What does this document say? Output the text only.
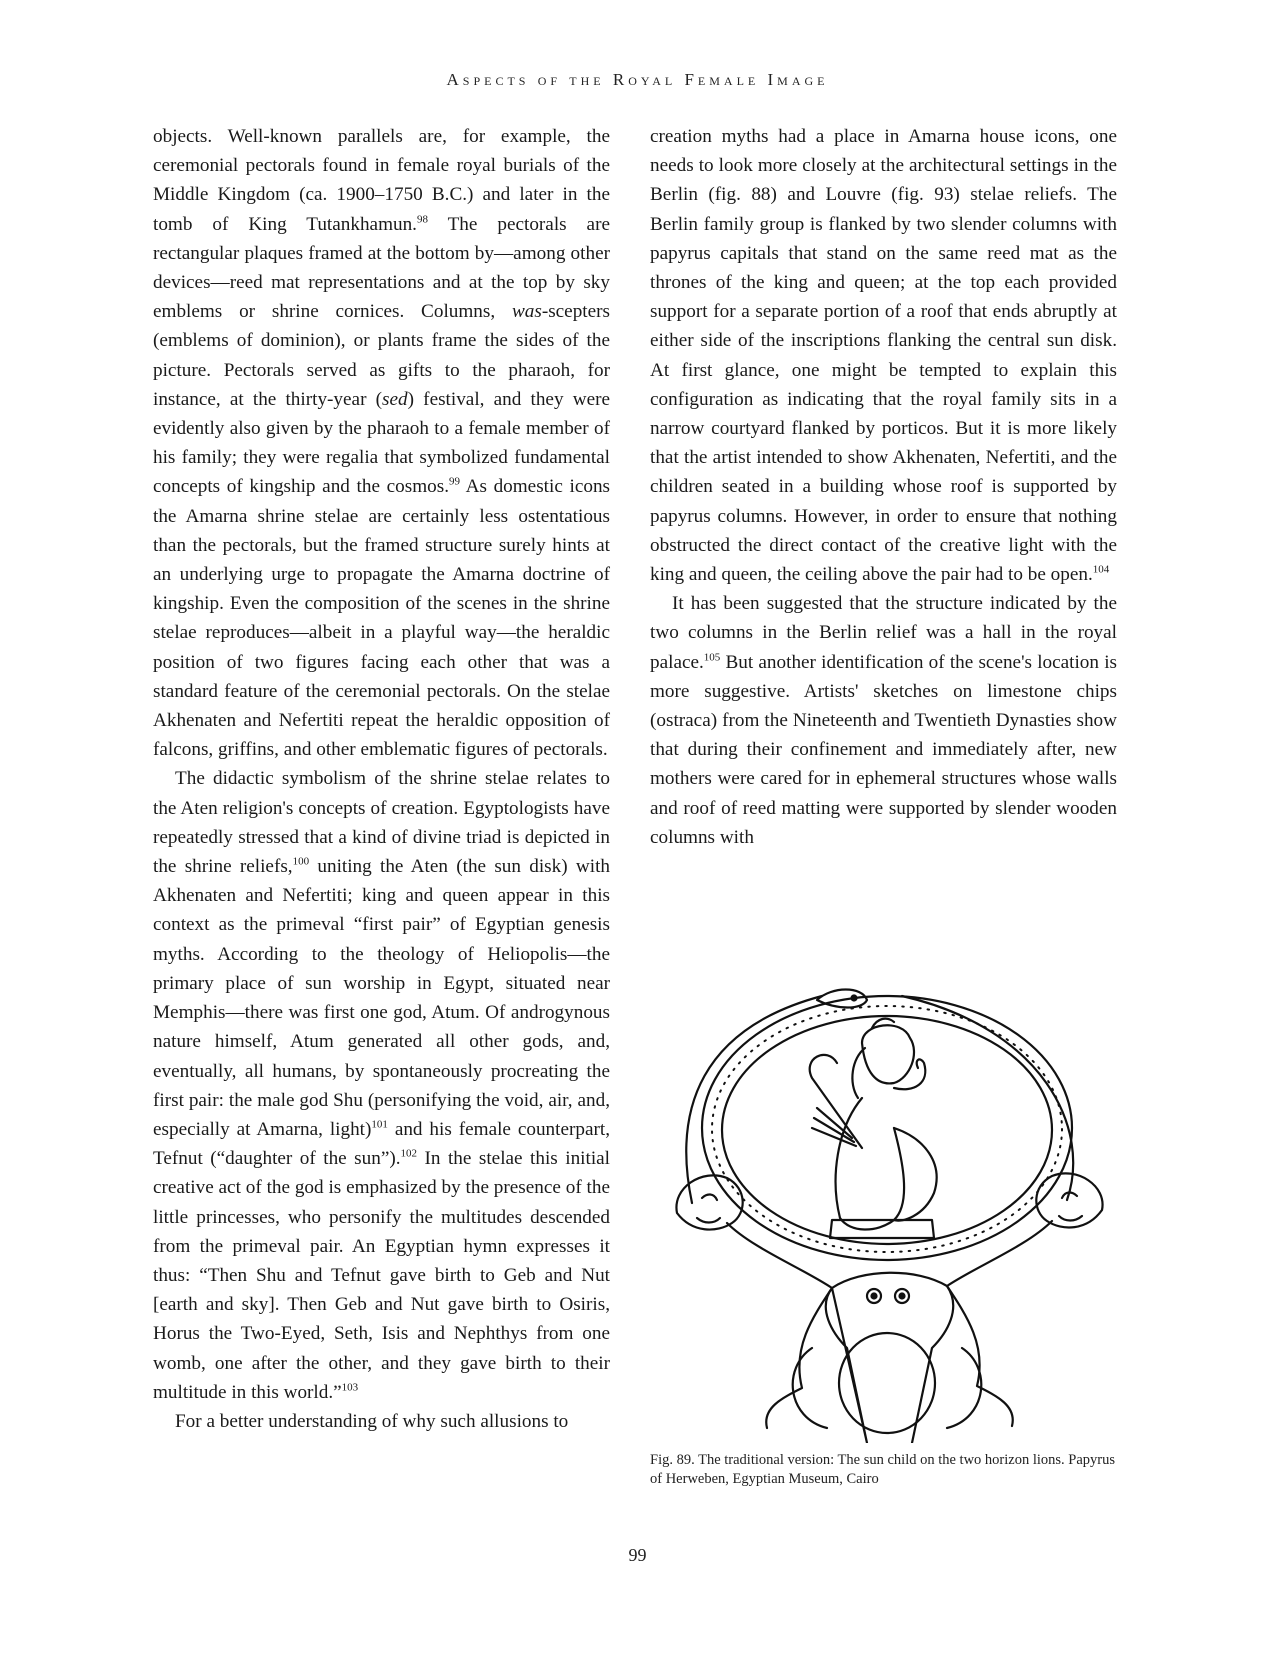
Aspects of the Royal Female Image

objects. Well-known parallels are, for example, the ceremonial pectorals found in female royal burials of the Middle Kingdom (ca. 1900–1750 B.C.) and later in the tomb of King Tutankhamun.$^{98}$ The pectorals are rectangular plaques framed at the bottom by—among other devices—reed mat representations and at the top by sky emblems or shrine cornices. Columns, was-scepters (emblems of dominion), or plants frame the sides of the picture. Pectorals served as gifts to the pharaoh, for instance, at the thirty-year (sed) festival, and they were evidently also given by the pharaoh to a female member of his family; they were regalia that symbolized fundamental concepts of kingship and the cosmos.$^{99}$ As domestic icons the Amarna shrine stelae are certainly less ostentatious than the pectorals, but the framed structure surely hints at an underlying urge to propagate the Amarna doctrine of kingship. Even the composition of the scenes in the shrine stelae reproduces—albeit in a playful way—the heraldic position of two figures facing each other that was a standard feature of the ceremonial pectorals. On the stelae Akhenaten and Nefertiti repeat the heraldic opposition of falcons, griffins, and other emblematic figures of pectorals.

The didactic symbolism of the shrine stelae relates to the Aten religion's concepts of creation. Egyptologists have repeatedly stressed that a kind of divine triad is depicted in the shrine reliefs,$^{100}$ uniting the Aten (the sun disk) with Akhenaten and Nefertiti; king and queen appear in this context as the primeval “first pair” of Egyptian genesis myths. According to the theology of Heliopolis—the primary place of sun worship in Egypt, situated near Memphis—there was first one god, Atum. Of androgynous nature himself, Atum generated all other gods, and, eventually, all humans, by spontaneously procreating the first pair: the male god Shu (personifying the void, air, and, especially at Amarna, light)$^{101}$ and his female counterpart, Tefnut (“daughter of the sun”).$^{102}$ In the stelae this initial creative act of the god is emphasized by the presence of the little princesses, who personify the multitudes descended from the primeval pair. An Egyptian hymn expresses it thus: “Then Shu and Tefnut gave birth to Geb and Nut [earth and sky]. Then Geb and Nut gave birth to Osiris, Horus the Two-Eyed, Seth, Isis and Nephthys from one womb, one after the other, and they gave birth to their multitude in this world.”$^{103}$

For a better understanding of why such allusions to

creation myths had a place in Amarna house icons, one needs to look more closely at the architectural settings in the Berlin (fig. 88) and Louvre (fig. 93) stelae reliefs. The Berlin family group is flanked by two slender columns with papyrus capitals that stand on the same reed mat as the thrones of the king and queen; at the top each provided support for a separate portion of a roof that ends abruptly at either side of the inscriptions flanking the central sun disk. At first glance, one might be tempted to explain this configuration as indicating that the royal family sits in a narrow courtyard flanked by porticos. But it is more likely that the artist intended to show Akhenaten, Nefertiti, and the children seated in a building whose roof is supported by papyrus columns. However, in order to ensure that nothing obstructed the direct contact of the creative light with the king and queen, the ceiling above the pair had to be open.$^{104}$

It has been suggested that the structure indicated by the two columns in the Berlin relief was a hall in the royal palace.$^{105}$ But another identification of the scene's location is more suggestive. Artists' sketches on limestone chips (ostraca) from the Nineteenth and Twentieth Dynasties show that during their confinement and immediately after, new mothers were cared for in ephemeral structures whose walls and roof of reed matting were supported by slender wooden columns with

Fig. 89. The traditional version: The sun child on the two horizon lions. Papyrus of Herweben, Egyptian Museum, Cairo
99
